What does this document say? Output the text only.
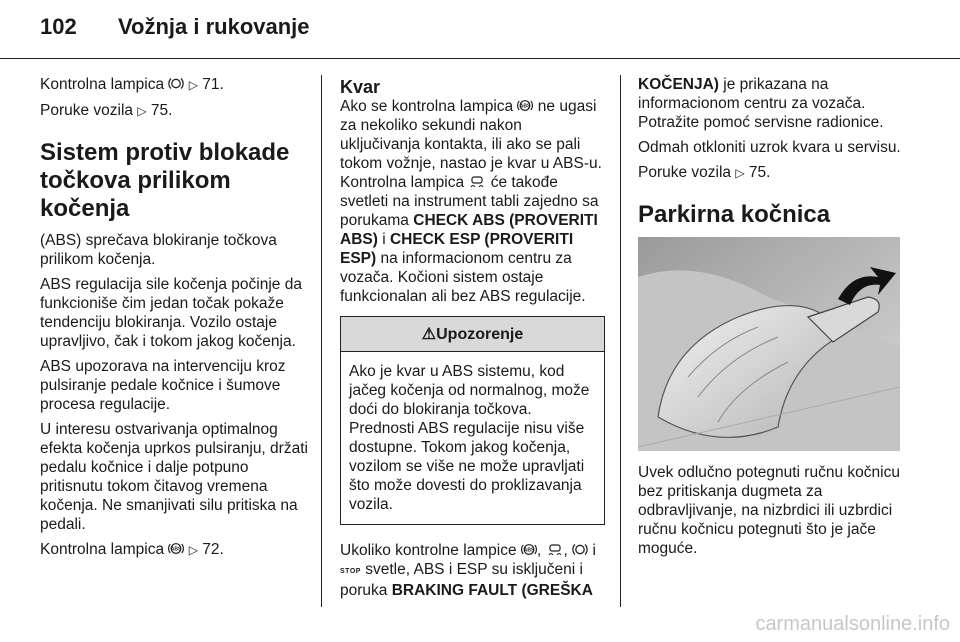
102 Vožnja i rukovanje

Kontrolna lampica ▷ 71.

Poruke vozila ▷ 75.

Sistem protiv blokade točkova prilikom kočenja

(ABS) sprečava blokiranje točkova prilikom kočenja.

ABS regulacija sile kočenja počinje da funkcioniše čim jedan točak pokaže tendenciju blokiranja. Vozilo ostaje upravljivo, čak i tokom jakog kočenja.

ABS upozorava na intervenciju kroz pulsiranje pedale kočnice i šumove procesa regulacije.

U interesu ostvarivanja optimalnog efekta kočenja uprkos pulsiranju, držati pedalu kočnice i dalje potpuno pritisnutu tokom čitavog vremena kočenja. Ne smanjivati silu pritiska na pedali.

Kontrolna lampica ABS ▷ 72.

Kvar

Ako se kontrolna lampica ABS ne ugasi za nekoliko sekundi nakon uključivanja kontakta, ili ako se pali tokom vožnje, nastao je kvar u ABS-u. Kontrolna lampica će takođe svetleti na instrument tabli zajedno sa porukama CHECK ABS (PROVERITI ABS) i CHECK ESP (PROVERITI ESP) na informacionom centru za vozača. Kočioni sistem ostaje funkcionalan ali bez ABS regulacije.

⚠Upozorenje
Ako je kvar u ABS sistemu, kod jačeg kočenja od normalnog, može doći do blokiranja točkova. Prednosti ABS regulacije nisu više dostupne. Tokom jakog kočenja, vozilom se više ne može upravljati što može dovesti do proklizavanja vozila.

Ukoliko kontrolne lampice ABS , ,  i STOP svetle, ABS i ESP su isključeni i poruka BRAKING FAULT (GREŠKA

KOČENJA) je prikazana na informacionom centru za vozača. Potražite pomoć servisne radionice.

Odmah otkloniti uzrok kvara u servisu.

Poruke vozila ▷ 75.

Parkirna kočnica

Uvek odlučno potegnuti ručnu kočnicu bez pritiskanja dugmeta za odbravljivanje, na nizbrdici ili uzbrdici ručnu kočnicu potegnuti što je jače moguće.

carmanualsonline.info
